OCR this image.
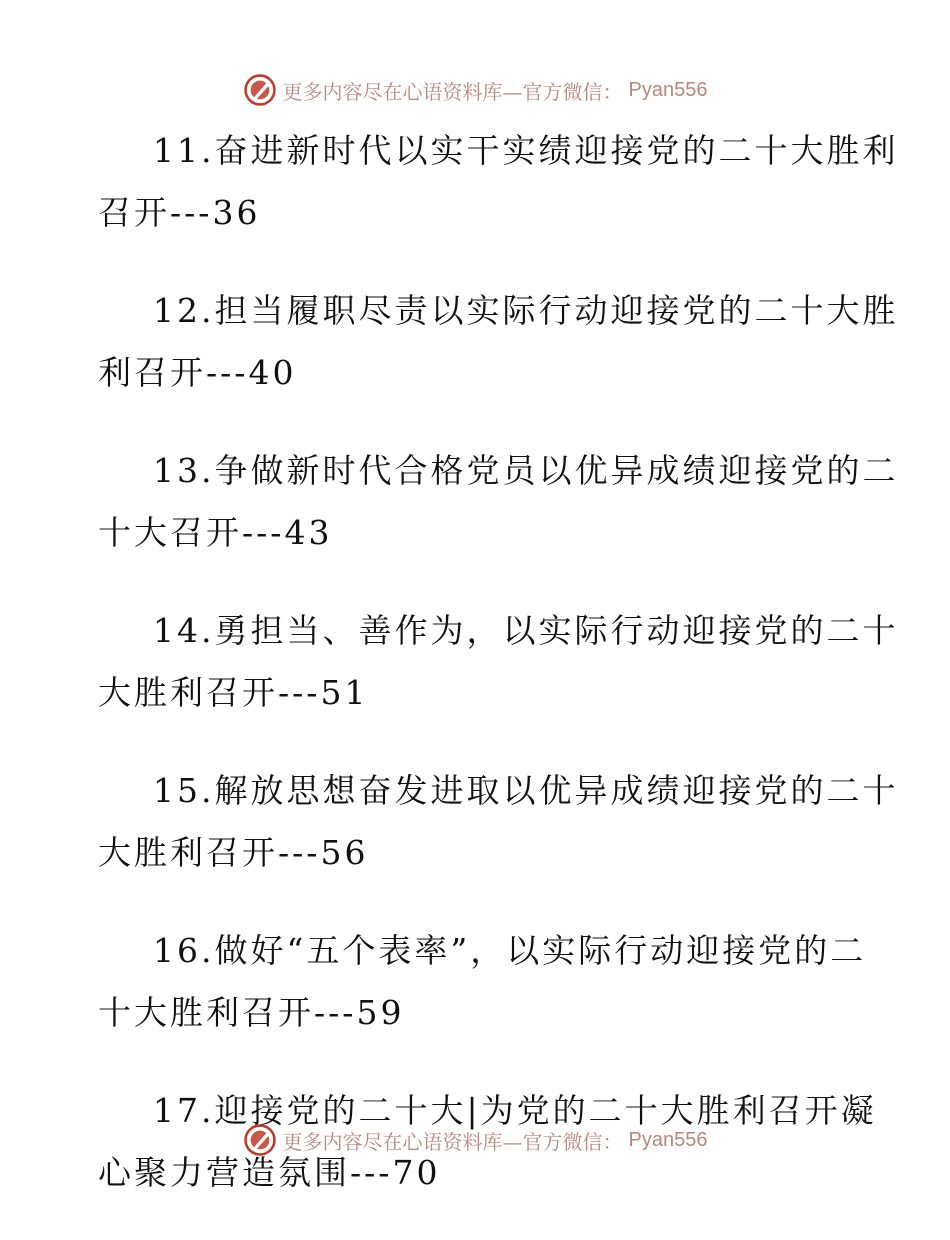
更多内容尽在心语资料库—官方微信： Pyan556
11.奋进新时代以实干实绩迎接党的二十大胜利
召开---36
12.担当履职尽责以实际行动迎接党的二十大胜
利召开---40
13.争做新时代合格党员以优异成绩迎接党的二
十大召开---43
14.勇担当、善作为，以实际行动迎接党的二十
大胜利召开---51
15.解放思想奋发进取以优异成绩迎接党的二十
大胜利召开---56
16.做好“五个表率”，以实际行动迎接党的二
十大胜利召开---59
17.迎接党的二十大|为党的二十大胜利召开凝
心聚力营造氛围---70
更多内容尽在心语资料库—官方微信： Pyan556
